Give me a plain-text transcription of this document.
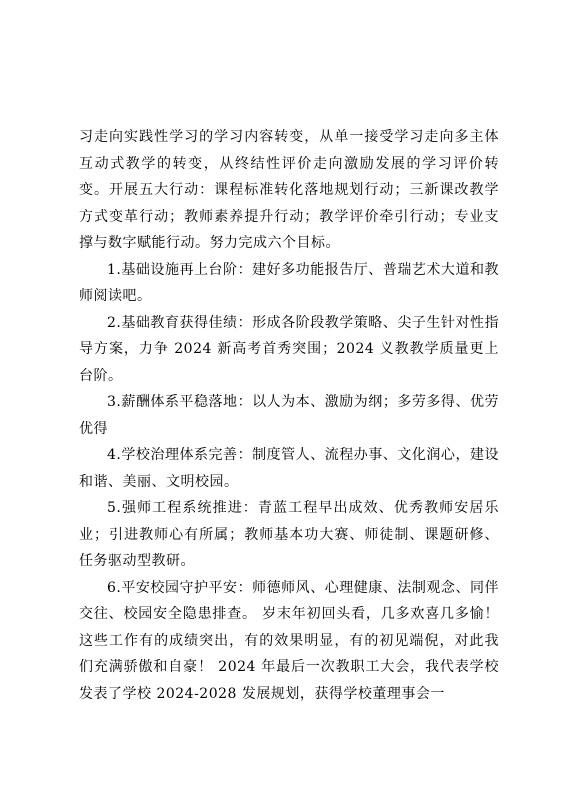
习走向实践性学习的学习内容转变，从单一接受学习走向多主体互动式教学的转变，从终结性评价走向激励发展的学习评价转变。开展五大行动：课程标准转化落地规划行动；三新课改教学方式变革行动；教师素养提升行动；教学评价牵引行动；专业支撑与数字赋能行动。努力完成六个目标。

1.基础设施再上台阶：建好多功能报告厅、普瑞艺术大道和教师阅读吧。

2.基础教育获得佳绩：形成各阶段教学策略、尖子生针对性指导方案，力争 2024 新高考首秀突围；2024 义教教学质量更上台阶。

3.薪酬体系平稳落地：以人为本、激励为纲；多劳多得、优劳优得

4.学校治理体系完善：制度管人、流程办事、文化润心，建设和谐、美丽、文明校园。

5.强师工程系统推进：青蓝工程早出成效、优秀教师安居乐业；引进教师心有所属；教师基本功大赛、师徒制、课题研修、任务驱动型教研。

6.平安校园守护平安：师德师风、心理健康、法制观念、同伴交往、校园安全隐患排查。 岁末年初回头看，几多欢喜几多愉！这些工作有的成绩突出，有的效果明显，有的初见端倪，对此我们充满骄傲和自豪！ 2024 年最后一次教职工大会，我代表学校发表了学校 2024-2028 发展规划，获得学校董理事会一
